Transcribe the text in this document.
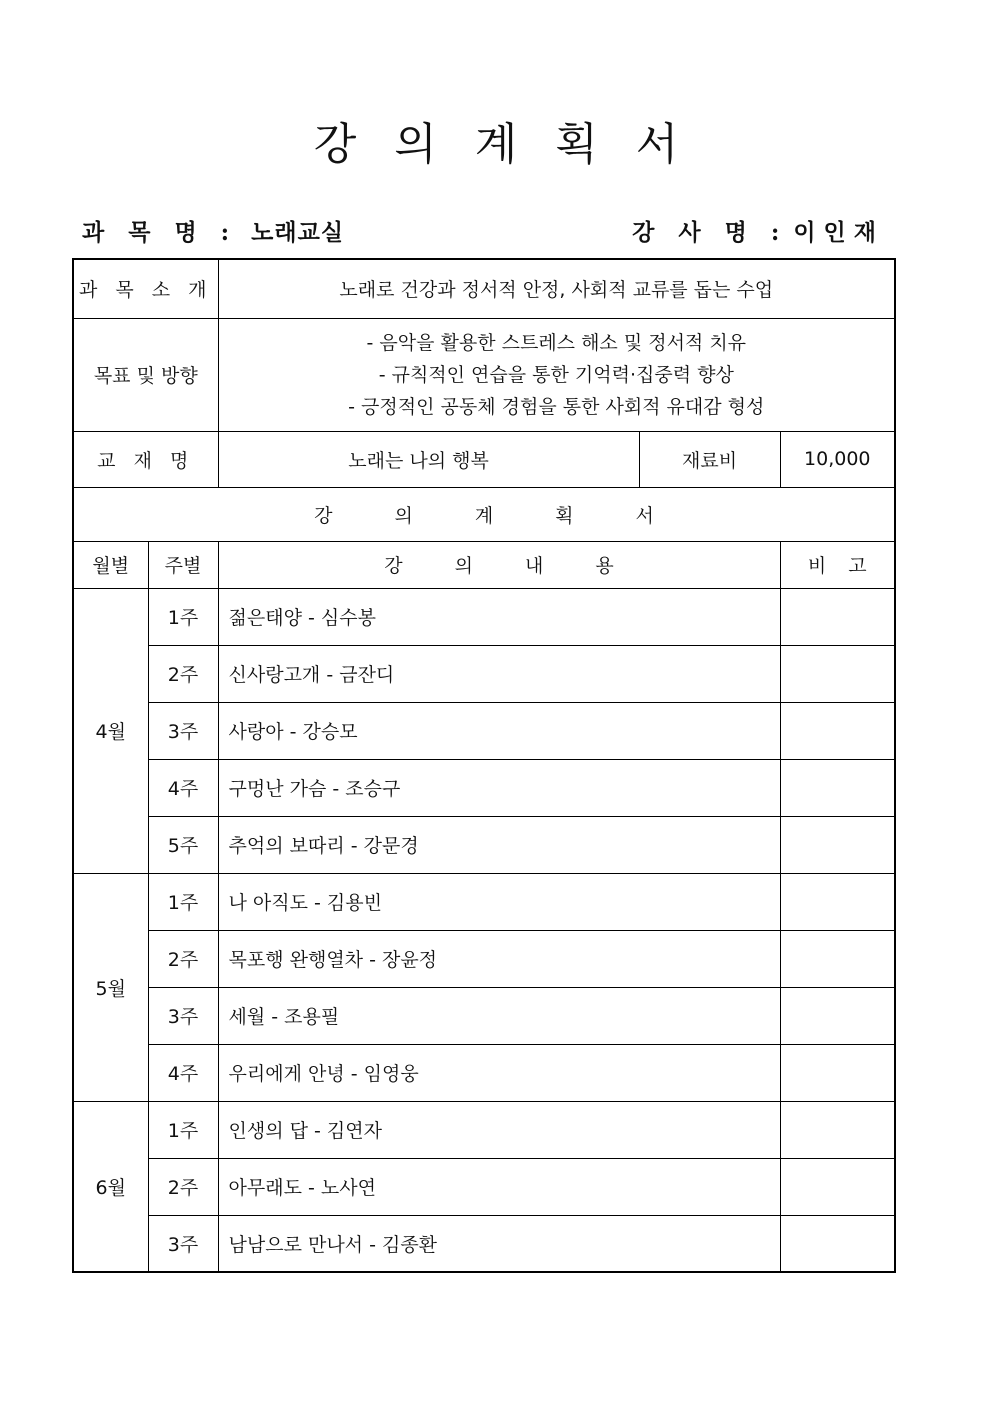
강의계획서
과 목 명 : 노래교실	강 사 명 : 이인재
과 목 소 개		노래로 건강과 정서적 안정, 사회적 교류를 돕는 수업		
목표 및 방향		- 음악을 활용한 스트레스 해소 및 정서적 치유
- 규칙적인 연습을 통한 기억력·집중력 향상
- 긍정적인 공동체 경험을 통한 사회적 유대감 형성		

교 재 명		노래는 나의 행복	재료비	10,000
강의계획서				
월별	주별	강의내용		비고
4월	1주	젊은태양 - 심수봉		
	2주	신사랑고개 - 금잔디		
	3주	사랑아 - 강승모		
	4주	구멍난 가슴 - 조승구		
	5주	추억의 보따리 - 강문경		
5월	1주	나 아직도 - 김용빈		
	2주	목포행 완행열차 - 장윤정		
	3주	세월 - 조용필		
	4주	우리에게 안녕 - 임영웅		
6월	1주	인생의 답 - 김연자		
	2주	아무래도 - 노사연		
	3주	남남으로 만나서 - 김종환		
